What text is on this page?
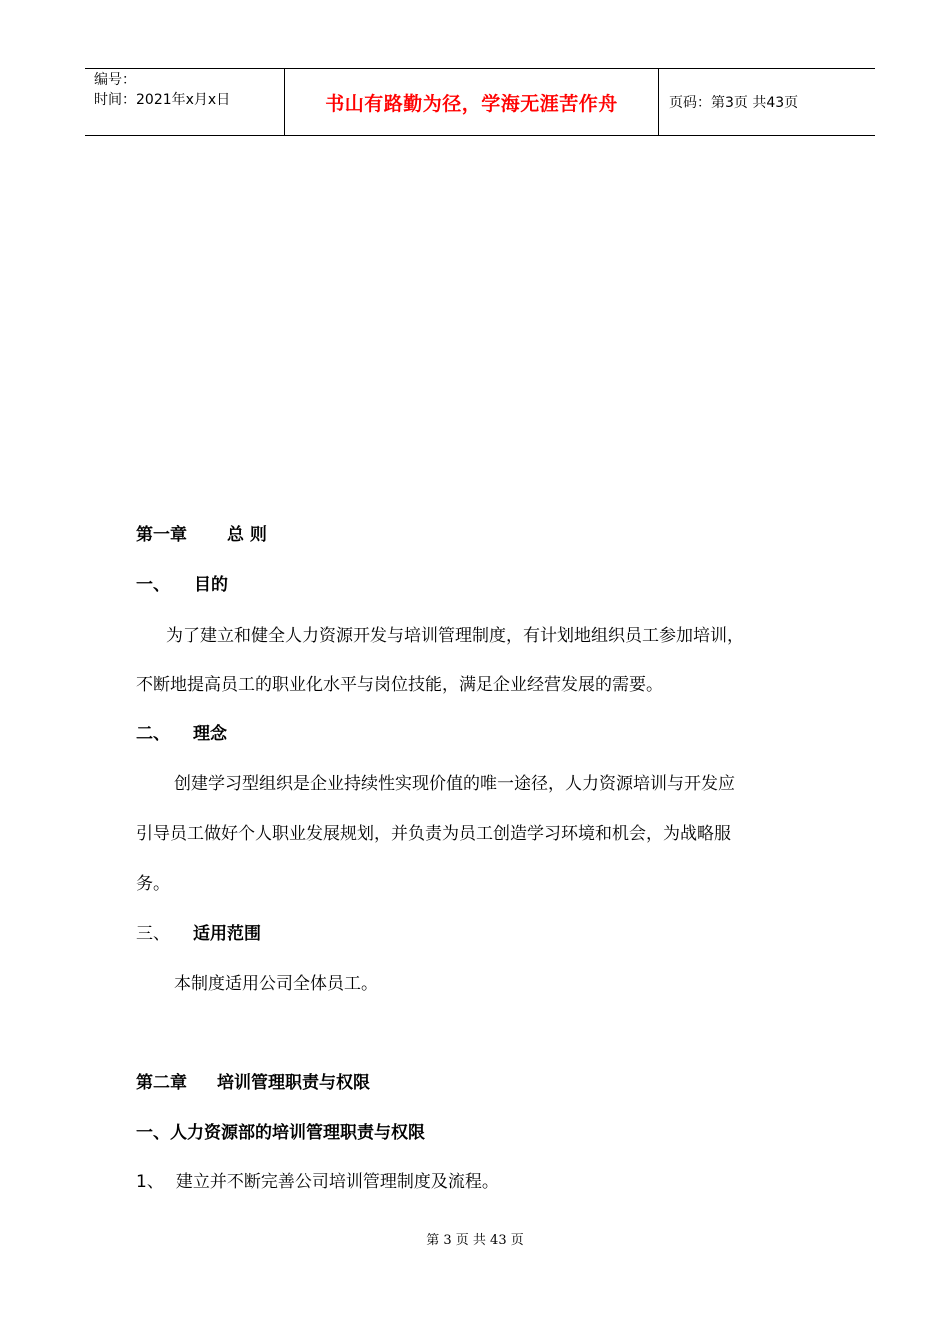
编号：
时间：2021年x月x日	书山有路勤为径，学海无涯苦作舟	页码：第3页 共43页
第一章 总 则
一、 目的
为了建立和健全人力资源开发与培训管理制度，有计划地组织员工参加培训，
不断地提高员工的职业化水平与岗位技能，满足企业经营发展的需要。
二、 理念
创建学习型组织是企业持续性实现价值的唯一途径，人力资源培训与开发应
引导员工做好个人职业发展规划，并负责为员工创造学习环境和机会，为战略服
务。
三、 适用范围
本制度适用公司全体员工。
第二章 培训管理职责与权限
一、人力资源部的培训管理职责与权限
1、 建立并不断完善公司培训管理制度及流程。
第 3 页 共 43 页
